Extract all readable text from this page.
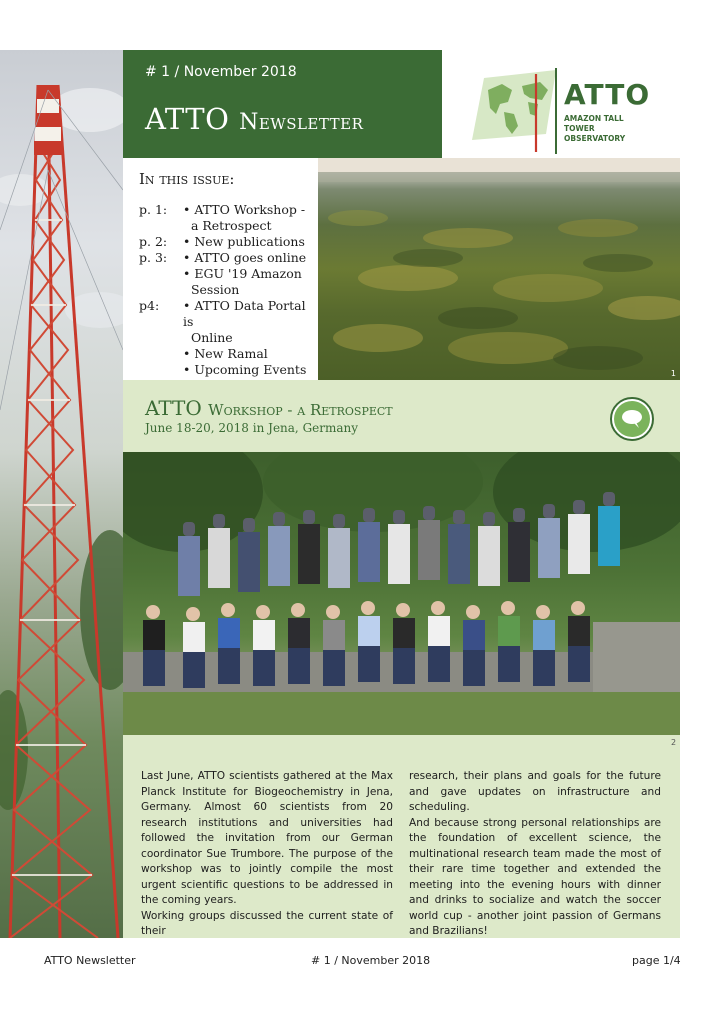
# 1 / November 2018
ATTO Newsletter
ATTO
AMAZON TALL
TOWER OBSERVATORY
In this issue:
p. 1:	• ATTO Workshop -
a Retrospect
p. 2:	• New publications
p. 3:	• ATTO goes online
• EGU '19 Amazon
Session
p4:	• ATTO Data Portal is
Online
• New Ramal
• Upcoming Events	1
ATTO Workshop - a Retrospect
June 18-20, 2018 in Jena, Germany

Last June, ATTO scientists gathered at the Max Planck Institute for Biogeochemistry in Jena, Germany. Almost 60 scientists from 20 research institutions and universities had followed the invitation from our German coordinator Sue Trumbore. The purpose of the workshop was to jointly compile the most urgent scientific questions to be addressed in the coming years.

Working groups discussed the current state of their

research, their plans and goals for the future and gave updates on infrastructure and scheduling.

And because strong personal relationships are the foundation of excellent science, the multinational research team made the most of their rare time together and extended the meeting into the evening hours with dinner and drinks to socialize and watch the soccer world cup - another joint passion of Germans and Brazilians!

2
ATTO Newsletter	# 1 / November 2018	page 1/4
